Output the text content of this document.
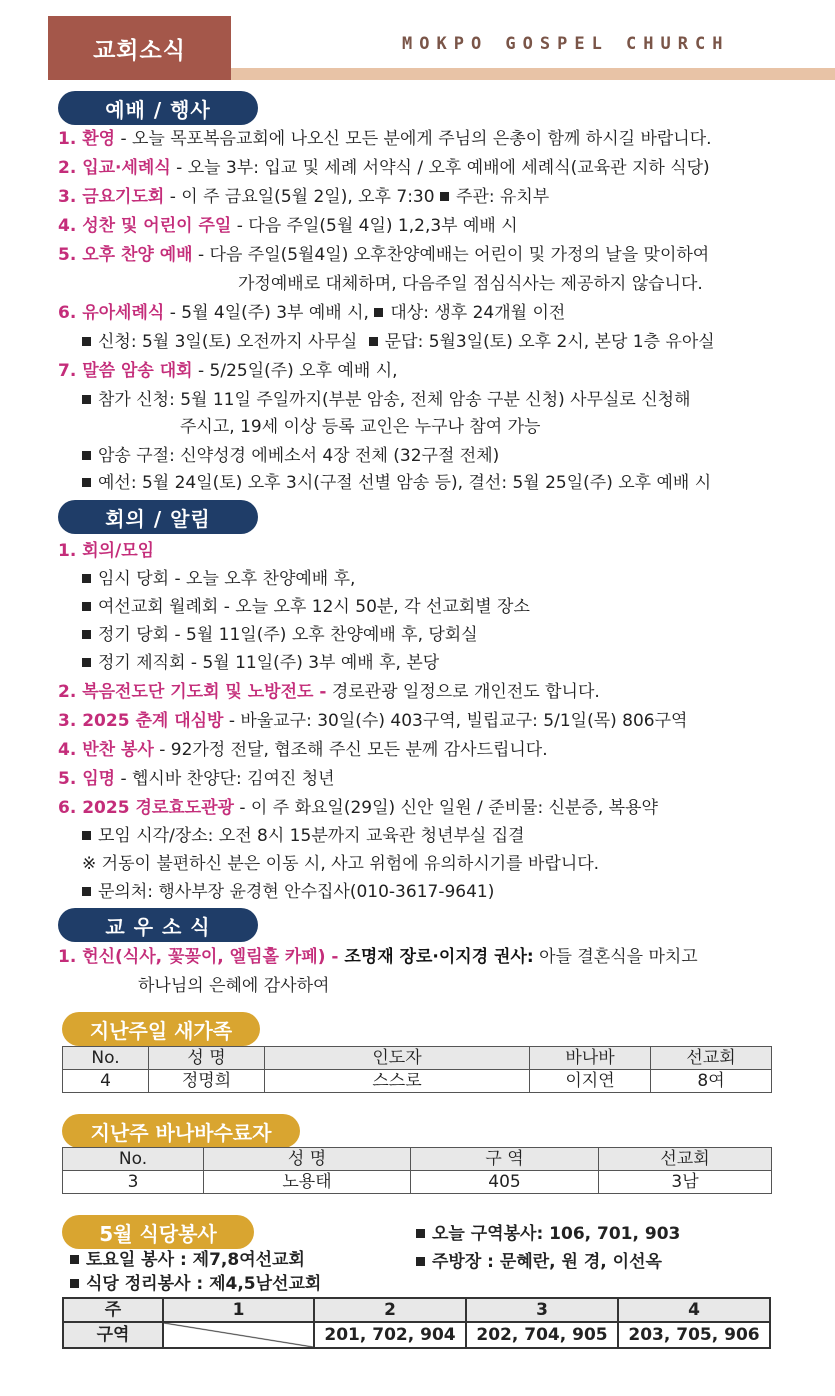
교회소식	MOKPO GOSPEL CHURCH
예배 / 행사
1. 환영 - 오늘 목포복음교회에 나오신 모든 분에게 주님의 은총이 함께 하시길 바랍니다.
2. 입교·세례식 - 오늘 3부: 입교 및 세례 서약식 / 오후 예배에 세례식(교육관 지하 식당)
3. 금요기도회 - 이 주 금요일(5월 2일), 오후 7:30 주관: 유치부
4. 성찬 및 어린이 주일 - 다음 주일(5월 4일) 1,2,3부 예배 시
5. 오후 찬양 예배 - 다음 주일(5월4일) 오후찬양예배는 어린이 및 가정의 날을 맞이하여
가정예배로 대체하며, 다음주일 점심식사는 제공하지 않습니다.
6. 유아세례식 - 5월 4일(주) 3부 예배 시, 대상: 생후 24개월 이전
신청: 5월 3일(토) 오전까지 사무실 문답: 5월3일(토) 오후 2시, 본당 1층 유아실
7. 말씀 암송 대회 - 5/25일(주) 오후 예배 시,
참가 신청: 5월 11일 주일까지(부분 암송, 전체 암송 구분 신청) 사무실로 신청해
주시고, 19세 이상 등록 교인은 누구나 참여 가능
암송 구절: 신약성경 에베소서 4장 전체 (32구절 전체)
예선: 5월 24일(토) 오후 3시(구절 선별 암송 등), 결선: 5월 25일(주) 오후 예배 시
회의 / 알림
1. 회의/모임
임시 당회 - 오늘 오후 찬양예배 후,
여선교회 월례회 - 오늘 오후 12시 50분, 각 선교회별 장소
정기 당회 - 5월 11일(주) 오후 찬양예배 후, 당회실
정기 제직회 - 5월 11일(주) 3부 예배 후, 본당
2. 복음전도단 기도회 및 노방전도 - 경로관광 일정으로 개인전도 합니다.
3. 2025 춘계 대심방 - 바울교구: 30일(수) 403구역, 빌립교구: 5/1일(목) 806구역
4. 반찬 봉사 - 92가정 전달, 협조해 주신 모든 분께 감사드립니다.
5. 임명 - 헵시바 찬양단: 김여진 청년
6. 2025 경로효도관광 - 이 주 화요일(29일) 신안 일원 / 준비물: 신분증, 복용약
모임 시각/장소: 오전 8시 15분까지 교육관 청년부실 집결
※ 거동이 불편하신 분은 이동 시, 사고 위험에 유의하시기를 바랍니다.
문의처: 행사부장 윤경현 안수집사(010-3617-9641)
교 우 소 식
1. 헌신(식사, 꽃꽂이, 엘림홀 카페) - 조명재 장로·이지경 권사: 아들 결혼식을 마치고
하나님의 은혜에 감사하여
지난주일 새가족
No.	성 명	인도자	바나바	선교회
4	정명희	스스로	이지연	8여
지난주 바나바수료자
No.	성 명	구 역	선교회
3	노용태	405	3남
5월 식당봉사
토요일 봉사 : 제7,8여선교회
식당 정리봉사 : 제4,5남선교회
오늘 구역봉사: 106, 701, 903
주방장 : 문혜란, 원 경, 이선옥
주	1	2	3	4
구역		201, 702, 904	202, 704, 905	203, 705, 906
